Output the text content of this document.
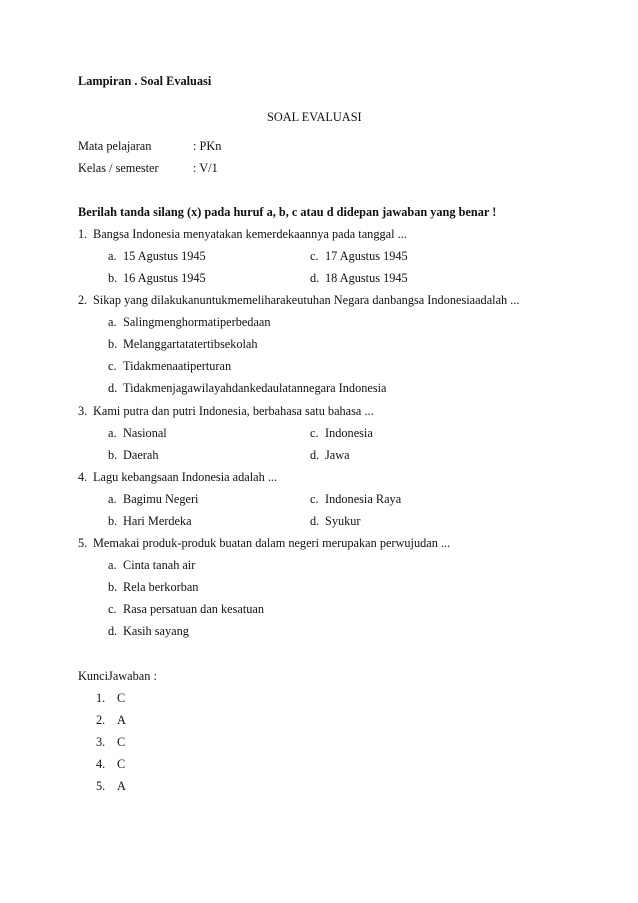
Lampiran . Soal Evaluasi
SOAL EVALUASI
Mata pelajaran	: PKn
Kelas / semester	: V/1
Berilah tanda silang (x) pada huruf a, b, c atau d didepan jawaban yang benar !
1. Bangsa Indonesia menyatakan kemerdekaannya pada tanggal ...
a. 15 Agustus 1945
b. 16 Agustus 1945
c. 17 Agustus 1945
d. 18 Agustus 1945
2. Sikap yang dilakukanuntukmemeliharakeutuhan Negara danbangsa Indonesiaadalah ...
a. Salingmenghormatiperbedaan
b. Melanggartatatertibsekolah
c. Tidakmenaatiperturan
d. Tidakmenjagawilayahdankedaulatannegara Indonesia
3. Kami putra dan putri Indonesia, berbahasa satu bahasa ...
a. Nasional
b. Daerah
c. Indonesia
d. Jawa
4. Lagu kebangsaan Indonesia adalah ...
a. Bagimu Negeri
b. Hari Merdeka
c. Indonesia Raya
d. Syukur
5. Memakai produk-produk buatan dalam negeri merupakan perwujudan ...
a. Cinta tanah air
b. Rela berkorban
c. Rasa persatuan dan kesatuan
d. Kasih sayang
KunciJawaban :
1. C
2. A
3. C
4. C
5. A
